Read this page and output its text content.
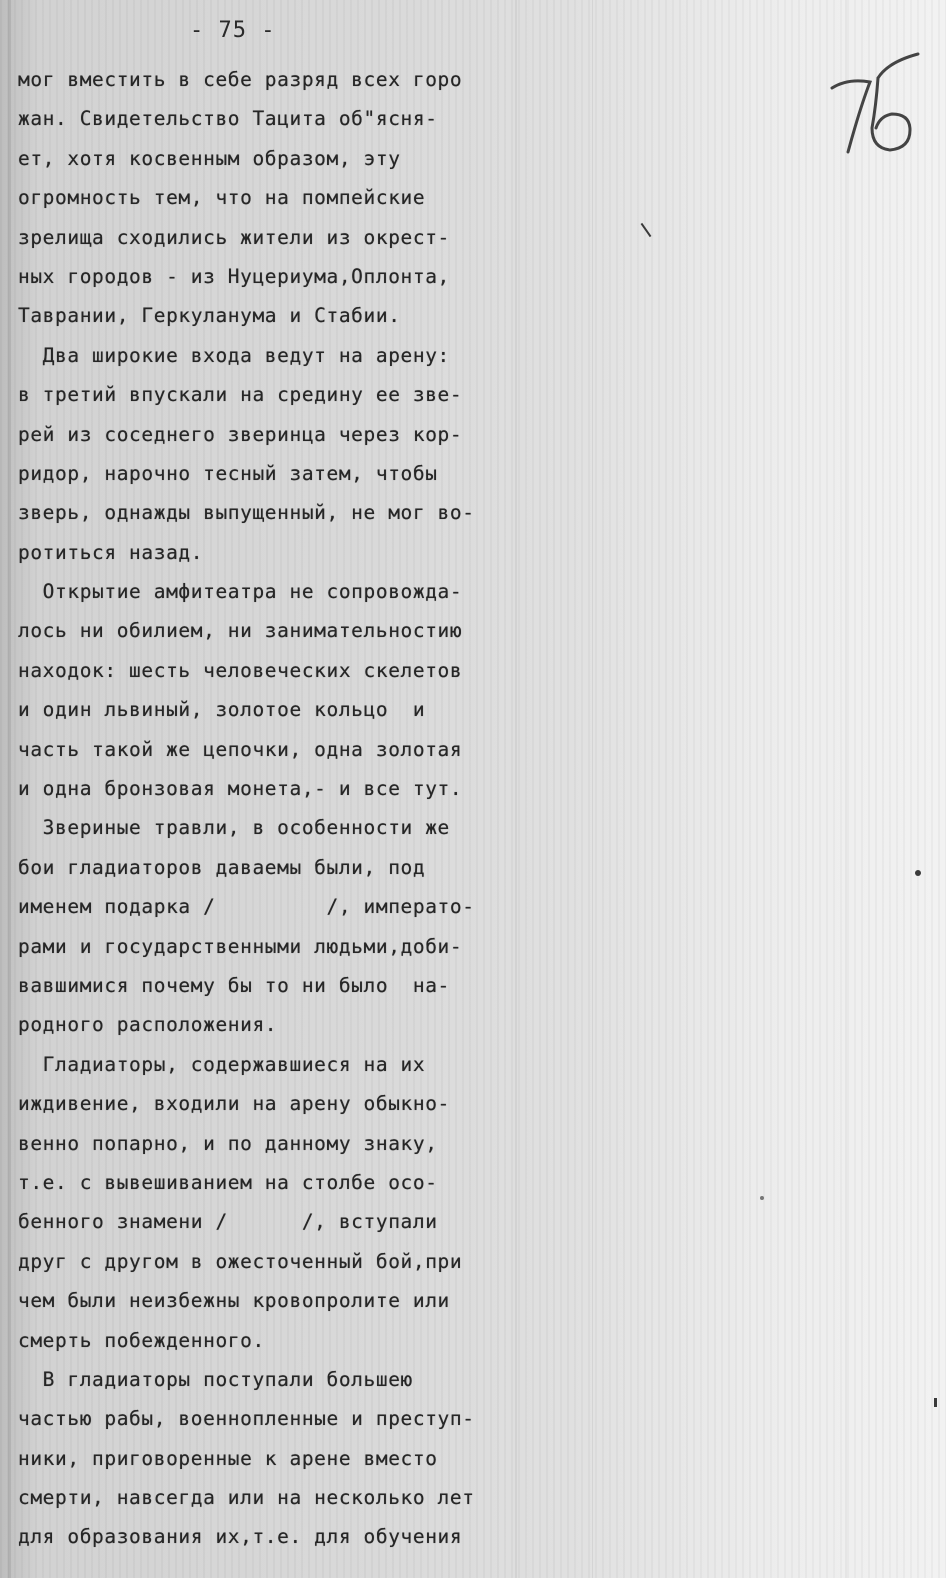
- 75 -
мог вместить в себе разряд всех горо
жан. Свидетельство Тацита об"ясня-
ет, хотя косвенным образом, эту
огромность тем, что на помпейские
зрелища сходились жители из окрест-
ных городов - из Нуцериума,Оплонта,
Таврании, Геркуланума и Стабии.
Два широкие входа ведут на арену:
в третий впускали на средину ее зве-
рей из соседнего зверинца через кор-
ридор, нарочно тесный затем, чтобы
зверь, однажды выпущенный, не мог во-
ротиться назад.
Открытие амфитеатра не сопровожда-
лось ни обилием, ни занимательностию
находок: шесть человеческих скелетов
и один львиный, золотое кольцо  и
часть такой же цепочки, одна золотая
и одна бронзовая монета,- и все тут.
Звериные травли, в особенности же
бои гладиаторов даваемы были, под
именем подарка /         /, императо-
рами и государственными людьми,доби-
вавшимися почему бы то ни было  на-
родного расположения.
Гладиаторы, содержавшиеся на их
иждивение, входили на арену обыкно-
венно попарно, и по данному знаку,
т.е. с вывешиванием на столбе осо-
бенного знамени /      /, вступали
друг с другом в ожесточенный бой,при
чем были неизбежны кровопролите или
смерть побежденного.
В гладиаторы поступали большею
частью рабы, военнопленные и преступ-
ники, приговоренные к арене вместо
смерти, навсегда или на несколько лет
для образования их,т.е. для обучения
